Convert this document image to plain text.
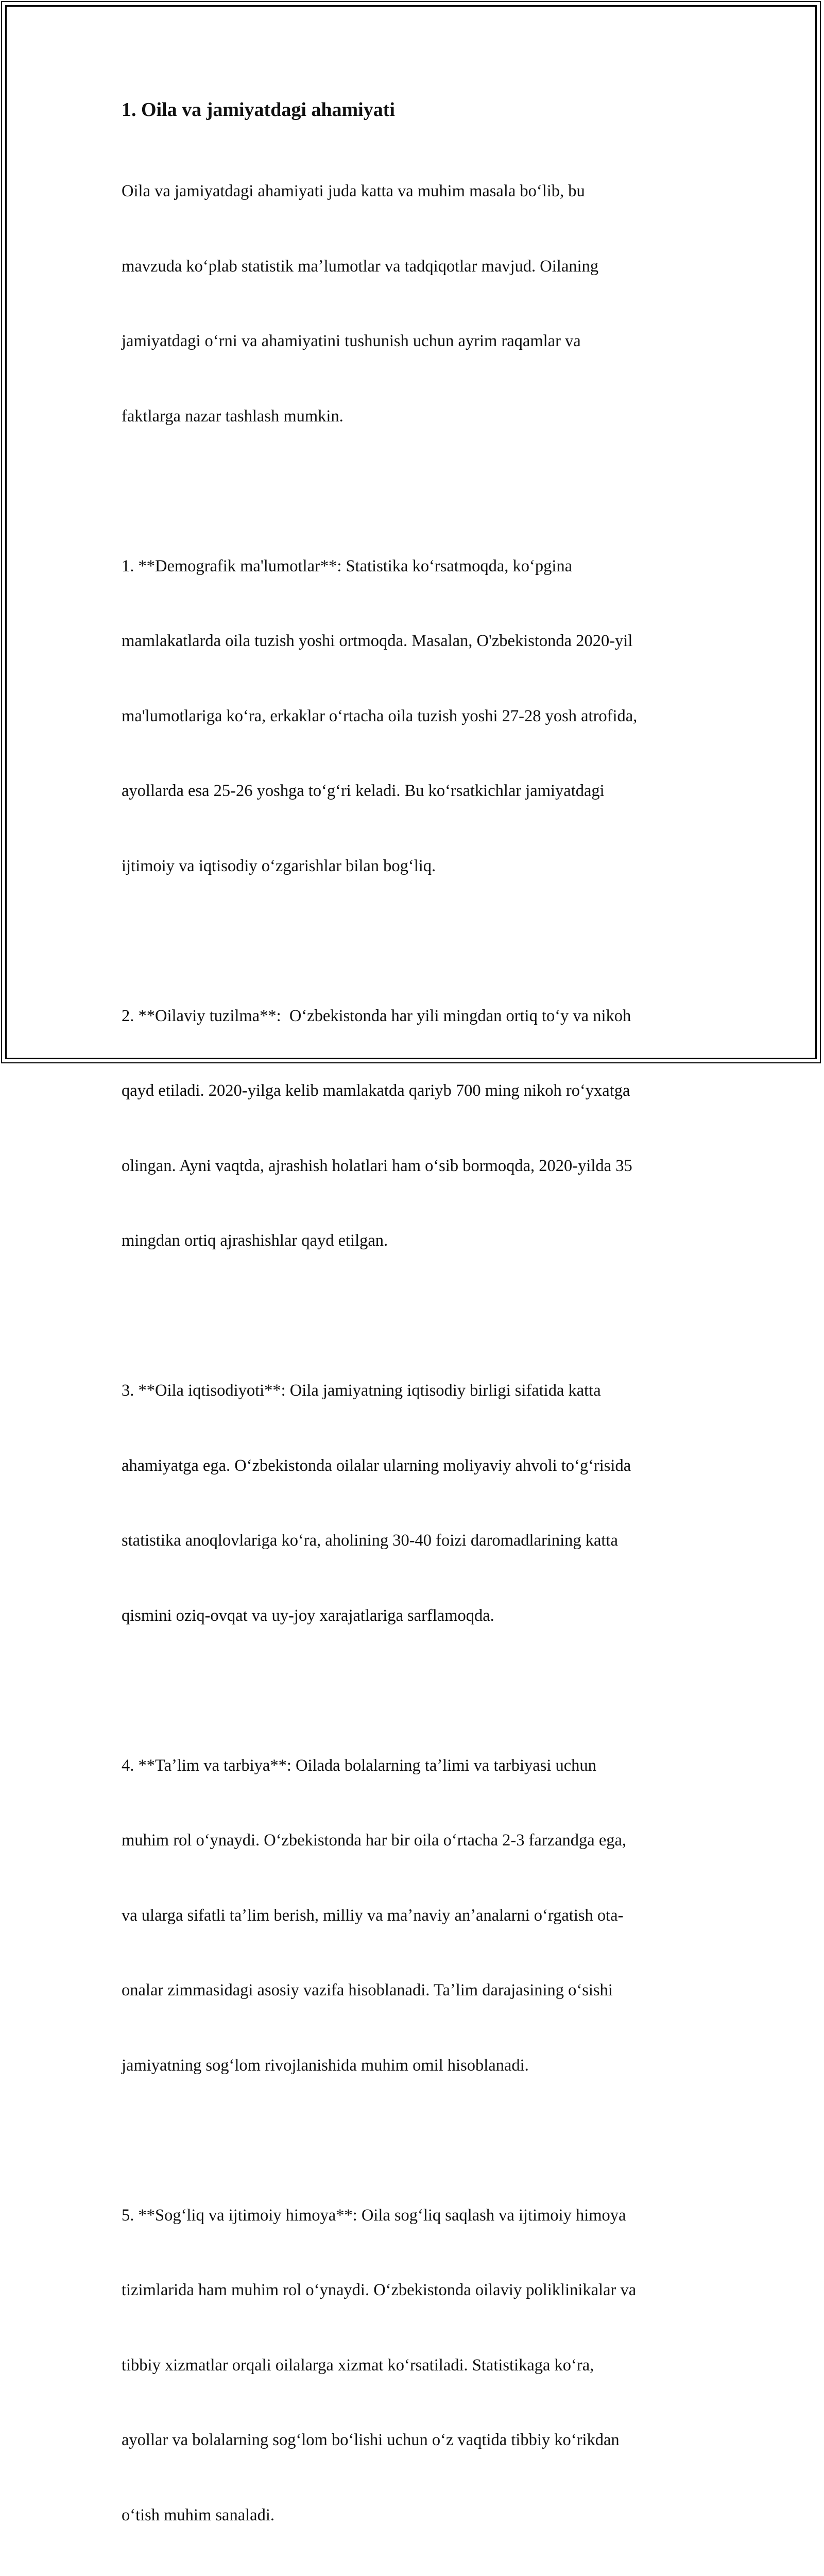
1. Oila va jamiyatdagi ahamiyati

Oila va jamiyatdagi ahamiyati juda katta va muhim masala boʻlib, bu

mavzuda koʻplab statistik maʼlumotlar va tadqiqotlar mavjud. Oilaning

jamiyatdagi oʻrni va ahamiyatini tushunish uchun ayrim raqamlar va

faktlarga nazar tashlash mumkin.

1. **Demografik ma'lumotlar**: Statistika koʻrsatmoqda, koʻpgina

mamlakatlarda oila tuzish yoshi ortmoqda. Masalan, O'zbekistonda 2020-yil

ma'lumotlariga koʻra, erkaklar oʻrtacha oila tuzish yoshi 27-28 yosh atrofida,

ayollarda esa 25-26 yoshga toʻgʻri keladi. Bu koʻrsatkichlar jamiyatdagi

ijtimoiy va iqtisodiy oʻzgarishlar bilan bogʻliq.

2. **Oilaviy tuzilma**:  Oʻzbekistonda har yili mingdan ortiq toʻy va nikoh

qayd etiladi. 2020-yilga kelib mamlakatda qariyb 700 ming nikoh roʻyxatga

olingan. Ayni vaqtda, ajrashish holatlari ham oʻsib bormoqda, 2020-yilda 35

mingdan ortiq ajrashishlar qayd etilgan.

3. **Oila iqtisodiyoti**: Oila jamiyatning iqtisodiy birligi sifatida katta

ahamiyatga ega. Oʻzbekistonda oilalar ularning moliyaviy ahvoli toʻgʻrisida

statistika anoqlovlariga koʻra, aholining 30-40 foizi daromadlarining katta

qismini oziq-ovqat va uy-joy xarajatlariga sarflamoqda.

4. **Taʼlim va tarbiya**: Oilada bolalarning taʼlimi va tarbiyasi uchun

muhim rol oʻynaydi. Oʻzbekistonda har bir oila oʻrtacha 2-3 farzandga ega,

va ularga sifatli taʼlim berish, milliy va maʼnaviy anʼanalarni oʻrgatish ota-

onalar zimmasidagi asosiy vazifa hisoblanadi. Taʼlim darajasining oʻsishi

jamiyatning sogʻlom rivojlanishida muhim omil hisoblanadi.

5. **Sogʻliq va ijtimoiy himoya**: Oila sogʻliq saqlash va ijtimoiy himoya

tizimlarida ham muhim rol oʻynaydi. Oʻzbekistonda oilaviy poliklinikalar va

tibbiy xizmatlar orqali oilalarga xizmat koʻrsatiladi. Statistikaga koʻra,

ayollar va bolalarning sogʻlom boʻlishi uchun oʻz vaqtida tibbiy koʻrikdan

oʻtish muhim sanaladi.
